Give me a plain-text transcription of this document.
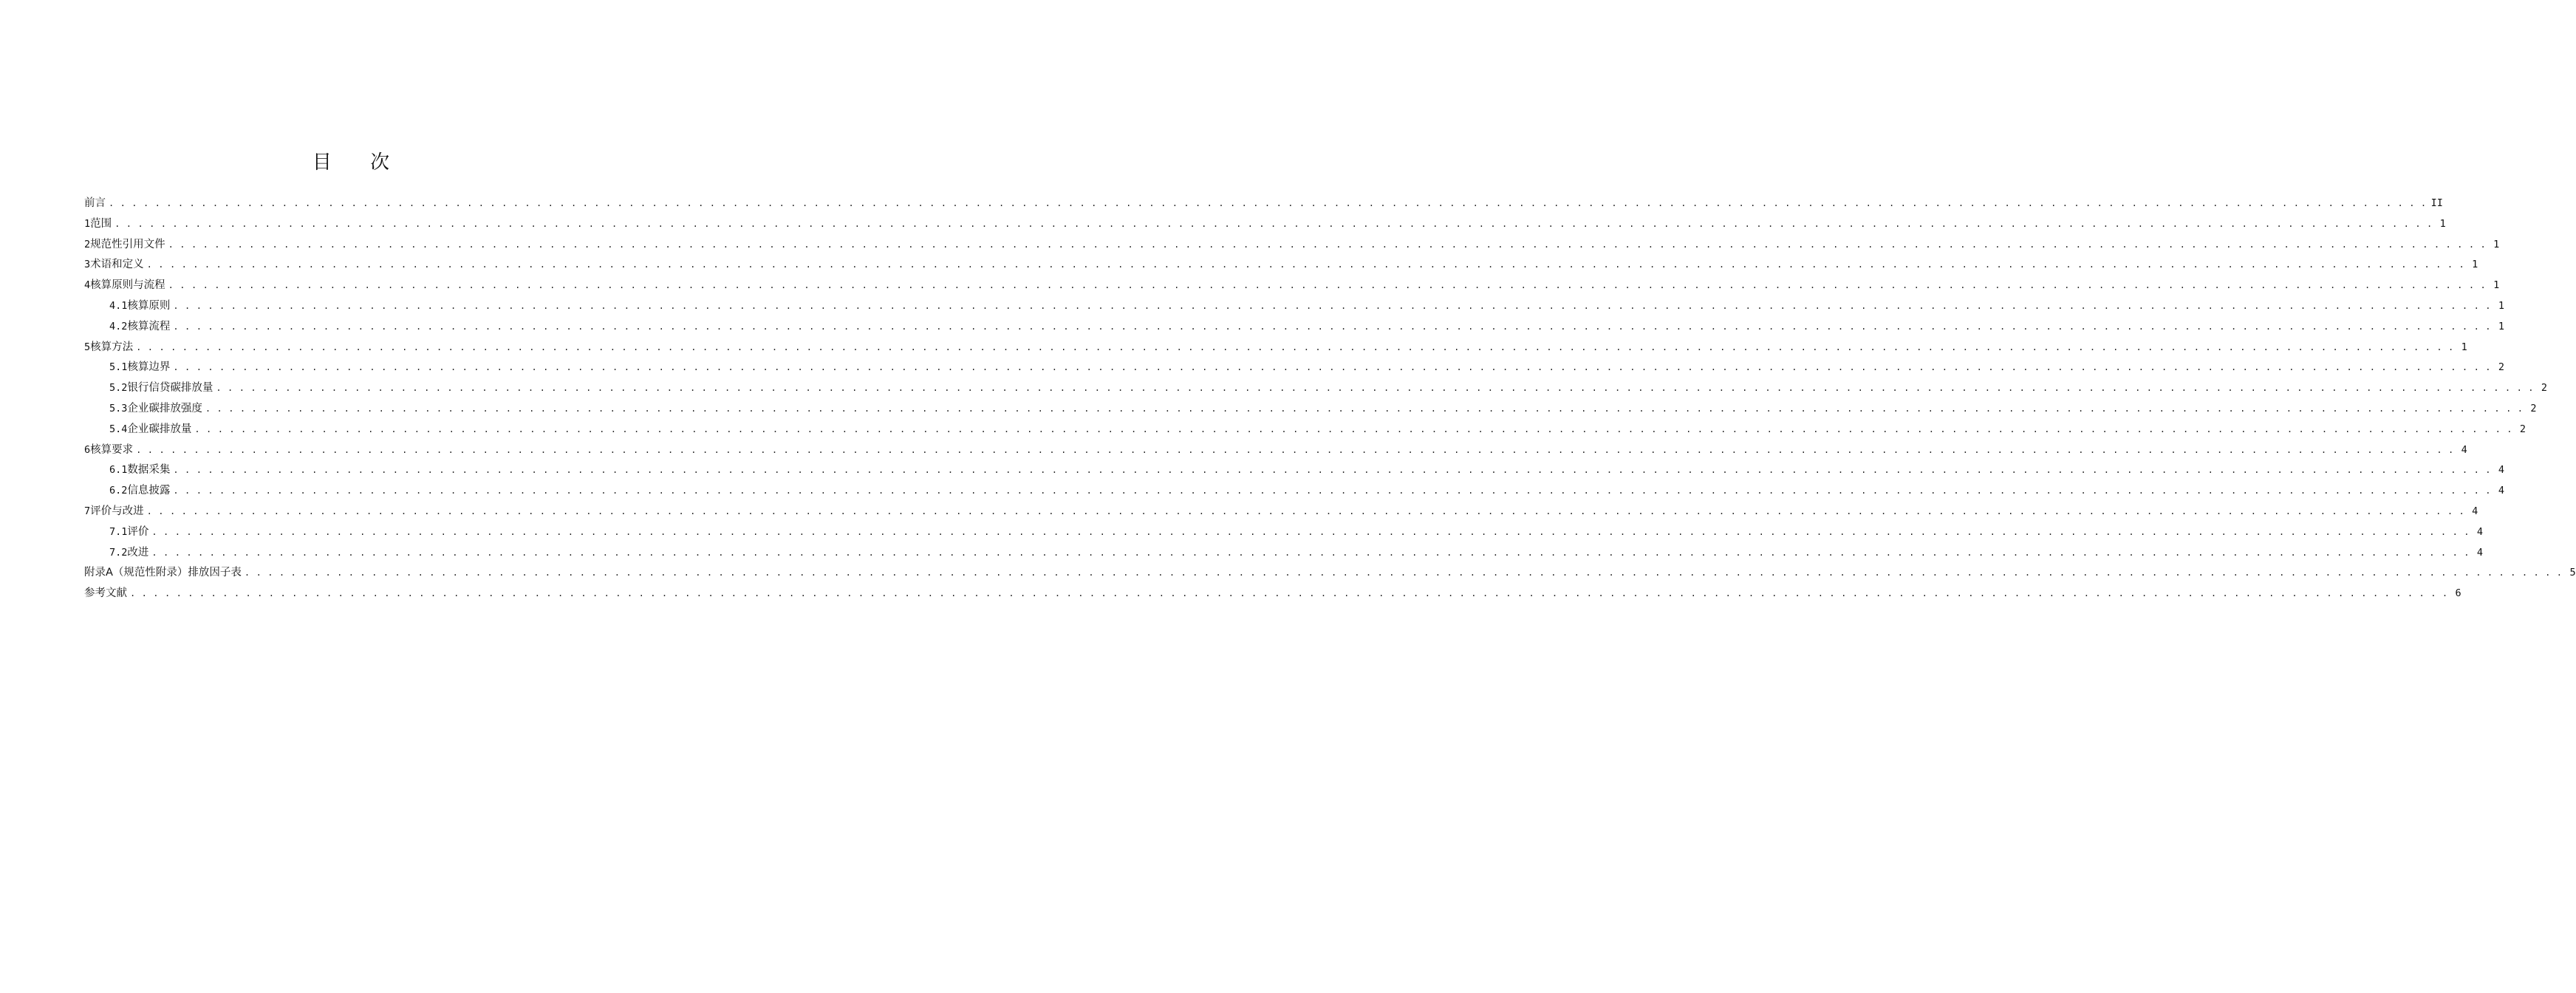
目 次
前言 . . . . . . . . . . . . . . . . . . . . . . . . . . . . . . . . . . . . . . . . . . . . . . . . . . . . . . . . . . . . . . . . . . . . . . . . . . . . . . . . . . . . . . . . . . . . . . . . . . . . . . . . . . . . . . . . . . . . . . . . . . . . . . . . . . . . . . . . . . . . . . . . . . . . . . . . . . . . . . . . . . . . . . . . . . . . . . . . . . . . . . . . . . . . . . . . . . . . . . . . . II
1 范围 . . . . . . . . . . . . . . . . . . . . . . . . . . . . . . . . . . . . . . . . . . . . . . . . . . . . . . . . . . . . . . . . . . . . . . . . . . . . . . . . . . . . . . . . . . . . . . . . . . . . . . . . . . . . . . . . . . . . . . . . . . . . . . . . . . . . . . . . . . . . . . . . . . . . . . . . . . . . . . . . . . . . . . . . . . . . . . . . . . . . . . . . . . . . . . . . . . . . . . . . . 1
2 规范性引用文件 . . . . . . . . . . . . . . . . . . . . . . . . . . . . . . . . . . . . . . . . . . . . . . . . . . . . . . . . . . . . . . . . . . . . . . . . . . . . . . . . . . . . . . . . . . . . . . . . . . . . . . . . . . . . . . . . . . . . . . . . . . . . . . . . . . . . . . . . . . . . . . . . . . . . . . . . . . . . . . . . . . . . . . . . . . . . . . . . . . . . . . . . . . . . . . . . . . . . . . . . . 1
3 术语和定义 . . . . . . . . . . . . . . . . . . . . . . . . . . . . . . . . . . . . . . . . . . . . . . . . . . . . . . . . . . . . . . . . . . . . . . . . . . . . . . . . . . . . . . . . . . . . . . . . . . . . . . . . . . . . . . . . . . . . . . . . . . . . . . . . . . . . . . . . . . . . . . . . . . . . . . . . . . . . . . . . . . . . . . . . . . . . . . . . . . . . . . . . . . . . . . . . . . . . . . . . . 1
4 核算原则与流程 . . . . . . . . . . . . . . . . . . . . . . . . . . . . . . . . . . . . . . . . . . . . . . . . . . . . . . . . . . . . . . . . . . . . . . . . . . . . . . . . . . . . . . . . . . . . . . . . . . . . . . . . . . . . . . . . . . . . . . . . . . . . . . . . . . . . . . . . . . . . . . . . . . . . . . . . . . . . . . . . . . . . . . . . . . . . . . . . . . . . . . . . . . . . . . . . . . . . . . . . . 1
4.1 核算原则 . . . . . . . . . . . . . . . . . . . . . . . . . . . . . . . . . . . . . . . . . . . . . . . . . . . . . . . . . . . . . . . . . . . . . . . . . . . . . . . . . . . . . . . . . . . . . . . . . . . . . . . . . . . . . . . . . . . . . . . . . . . . . . . . . . . . . . . . . . . . . . . . . . . . . . . . . . . . . . . . . . . . . . . . . . . . . . . . . . . . . . . . . . . . . . . . . . . . . . . . . 1
4.2 核算流程 . . . . . . . . . . . . . . . . . . . . . . . . . . . . . . . . . . . . . . . . . . . . . . . . . . . . . . . . . . . . . . . . . . . . . . . . . . . . . . . . . . . . . . . . . . . . . . . . . . . . . . . . . . . . . . . . . . . . . . . . . . . . . . . . . . . . . . . . . . . . . . . . . . . . . . . . . . . . . . . . . . . . . . . . . . . . . . . . . . . . . . . . . . . . . . . . . . . . . . . . . 1
5 核算方法 . . . . . . . . . . . . . . . . . . . . . . . . . . . . . . . . . . . . . . . . . . . . . . . . . . . . . . . . . . . . . . . . . . . . . . . . . . . . . . . . . . . . . . . . . . . . . . . . . . . . . . . . . . . . . . . . . . . . . . . . . . . . . . . . . . . . . . . . . . . . . . . . . . . . . . . . . . . . . . . . . . . . . . . . . . . . . . . . . . . . . . . . . . . . . . . . . . . . . . . . . 1
5.1 核算边界 . . . . . . . . . . . . . . . . . . . . . . . . . . . . . . . . . . . . . . . . . . . . . . . . . . . . . . . . . . . . . . . . . . . . . . . . . . . . . . . . . . . . . . . . . . . . . . . . . . . . . . . . . . . . . . . . . . . . . . . . . . . . . . . . . . . . . . . . . . . . . . . . . . . . . . . . . . . . . . . . . . . . . . . . . . . . . . . . . . . . . . . . . . . . . . . . . . . . . . . . . 2
5.2 银行信贷碳排放量 . . . . . . . . . . . . . . . . . . . . . . . . . . . . . . . . . . . . . . . . . . . . . . . . . . . . . . . . . . . . . . . . . . . . . . . . . . . . . . . . . . . . . . . . . . . . . . . . . . . . . . . . . . . . . . . . . . . . . . . . . . . . . . . . . . . . . . . . . . . . . . . . . . . . . . . . . . . . . . . . . . . . . . . . . . . . . . . . . . . . . . . . . . . . . . . . . . . . . . . . . 2
5.3 企业碳排放强度 . . . . . . . . . . . . . . . . . . . . . . . . . . . . . . . . . . . . . . . . . . . . . . . . . . . . . . . . . . . . . . . . . . . . . . . . . . . . . . . . . . . . . . . . . . . . . . . . . . . . . . . . . . . . . . . . . . . . . . . . . . . . . . . . . . . . . . . . . . . . . . . . . . . . . . . . . . . . . . . . . . . . . . . . . . . . . . . . . . . . . . . . . . . . . . . . . . . . . . . . . 2
5.4 企业碳排放量 . . . . . . . . . . . . . . . . . . . . . . . . . . . . . . . . . . . . . . . . . . . . . . . . . . . . . . . . . . . . . . . . . . . . . . . . . . . . . . . . . . . . . . . . . . . . . . . . . . . . . . . . . . . . . . . . . . . . . . . . . . . . . . . . . . . . . . . . . . . . . . . . . . . . . . . . . . . . . . . . . . . . . . . . . . . . . . . . . . . . . . . . . . . . . . . . . . . . . . . . . 2
6 核算要求 . . . . . . . . . . . . . . . . . . . . . . . . . . . . . . . . . . . . . . . . . . . . . . . . . . . . . . . . . . . . . . . . . . . . . . . . . . . . . . . . . . . . . . . . . . . . . . . . . . . . . . . . . . . . . . . . . . . . . . . . . . . . . . . . . . . . . . . . . . . . . . . . . . . . . . . . . . . . . . . . . . . . . . . . . . . . . . . . . . . . . . . . . . . . . . . . . . . . . . . . . 4
6.1 数据采集 . . . . . . . . . . . . . . . . . . . . . . . . . . . . . . . . . . . . . . . . . . . . . . . . . . . . . . . . . . . . . . . . . . . . . . . . . . . . . . . . . . . . . . . . . . . . . . . . . . . . . . . . . . . . . . . . . . . . . . . . . . . . . . . . . . . . . . . . . . . . . . . . . . . . . . . . . . . . . . . . . . . . . . . . . . . . . . . . . . . . . . . . . . . . . . . . . . . . . . . . . 4
6.2 信息披露 . . . . . . . . . . . . . . . . . . . . . . . . . . . . . . . . . . . . . . . . . . . . . . . . . . . . . . . . . . . . . . . . . . . . . . . . . . . . . . . . . . . . . . . . . . . . . . . . . . . . . . . . . . . . . . . . . . . . . . . . . . . . . . . . . . . . . . . . . . . . . . . . . . . . . . . . . . . . . . . . . . . . . . . . . . . . . . . . . . . . . . . . . . . . . . . . . . . . . . . . . 4
7 评价与改进 . . . . . . . . . . . . . . . . . . . . . . . . . . . . . . . . . . . . . . . . . . . . . . . . . . . . . . . . . . . . . . . . . . . . . . . . . . . . . . . . . . . . . . . . . . . . . . . . . . . . . . . . . . . . . . . . . . . . . . . . . . . . . . . . . . . . . . . . . . . . . . . . . . . . . . . . . . . . . . . . . . . . . . . . . . . . . . . . . . . . . . . . . . . . . . . . . . . . . . . . . 4
7.1 评价 . . . . . . . . . . . . . . . . . . . . . . . . . . . . . . . . . . . . . . . . . . . . . . . . . . . . . . . . . . . . . . . . . . . . . . . . . . . . . . . . . . . . . . . . . . . . . . . . . . . . . . . . . . . . . . . . . . . . . . . . . . . . . . . . . . . . . . . . . . . . . . . . . . . . . . . . . . . . . . . . . . . . . . . . . . . . . . . . . . . . . . . . . . . . . . . . . . . . . . . . . 4
7.2 改进 . . . . . . . . . . . . . . . . . . . . . . . . . . . . . . . . . . . . . . . . . . . . . . . . . . . . . . . . . . . . . . . . . . . . . . . . . . . . . . . . . . . . . . . . . . . . . . . . . . . . . . . . . . . . . . . . . . . . . . . . . . . . . . . . . . . . . . . . . . . . . . . . . . . . . . . . . . . . . . . . . . . . . . . . . . . . . . . . . . . . . . . . . . . . . . . . . . . . . . . . . 4
附录A（规范性附录）排放因子表 . . . . . . . . . . . . . . . . . . . . . . . . . . . . . . . . . . . . . . . . . . . . . . . . . . . . . . . . . . . . . . . . . . . . . . . . . . . . . . . . . . . . . . . . . . . . . . . . . . . . . . . . . . . . . . . . . . . . . . . . . . . . . . . . . . . . . . . . . . . . . . . . . . . . . . . . . . . . . . . . . . . . . . . . . . . . . . . . . . . . . . . . . . . . . . . . . . . . . . . . . 5
参考文献 . . . . . . . . . . . . . . . . . . . . . . . . . . . . . . . . . . . . . . . . . . . . . . . . . . . . . . . . . . . . . . . . . . . . . . . . . . . . . . . . . . . . . . . . . . . . . . . . . . . . . . . . . . . . . . . . . . . . . . . . . . . . . . . . . . . . . . . . . . . . . . . . . . . . . . . . . . . . . . . . . . . . . . . . . . . . . . . . . . . . . . . . . . . . . . . . . . . . . . . . . 6
